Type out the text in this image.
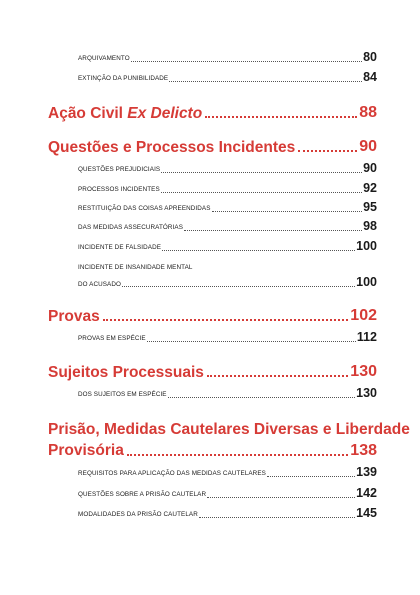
ARQUIVAMENTO	80
EXTINÇÃO DA PUNIBILIDADE	84
Ação Civil Ex Delicto	88
Questões e Processos Incidentes	90
QUESTÕES PREJUDICIAIS	90
PROCESSOS INCIDENTES	92
RESTITUIÇÃO DAS COISAS APREENDIDAS	95
DAS MEDIDAS ASSECURATÓRIAS	98
INCIDENTE DE FALSIDADE	100
INCIDENTE DE INSANIDADE MENTAL
DO ACUSADO	100
Provas	102
PROVAS EM ESPÉCIE	112
Sujeitos Processuais	130
DOS SUJEITOS EM ESPÉCIE	130
Prisão, Medidas Cautelares Diversas e Liberdade
Provisória	138
REQUISITOS PARA APLICAÇÃO DAS MEDIDAS CAUTELARES	139
QUESTÕES SOBRE A PRISÃO CAUTELAR	142
MODALIDADES DA PRISÃO CAUTELAR	145
